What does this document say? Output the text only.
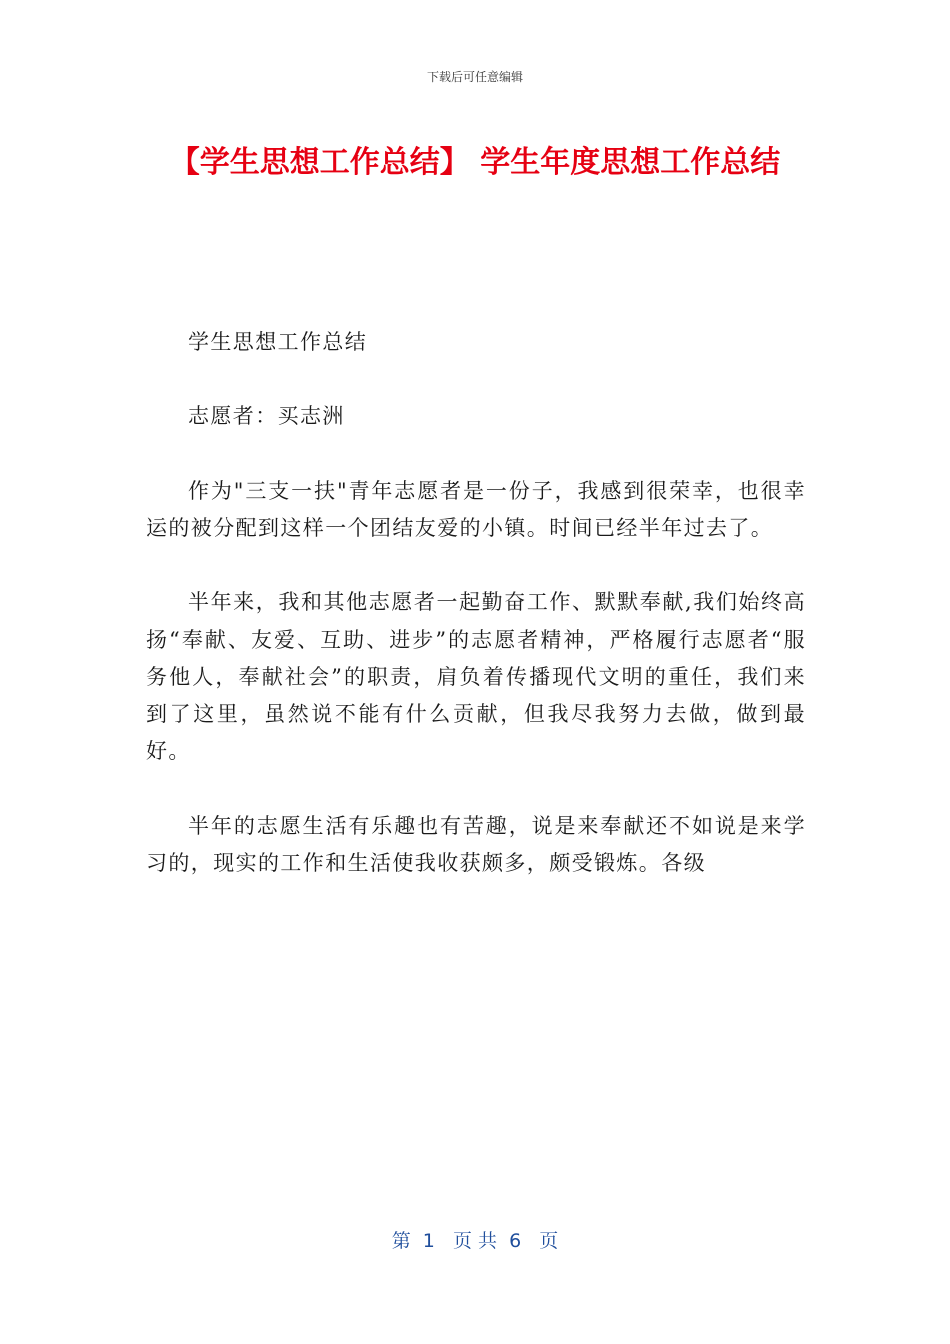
下载后可任意编辑
【学生思想工作总结】 学生年度思想工作总结

学生思想工作总结

志愿者：买志洲

作为"三支一扶"青年志愿者是一份子，我感到很荣幸，也很幸运的被分配到这样一个团结友爱的小镇。时间已经半年过去了。

半年来，我和其他志愿者一起勤奋工作、默默奉献,我们始终高扬“奉献、友爱、互助、进步”的志愿者精神，严格履行志愿者“服务他人，奉献社会”的职责，肩负着传播现代文明的重任，我们来到了这里，虽然说不能有什么贡献，但我尽我努力去做，做到最好。

半年的志愿生活有乐趣也有苦趣，说是来奉献还不如说是来学习的，现实的工作和生活使我收获颇多，颇受锻炼。各级

第  1   页 共  6   页
